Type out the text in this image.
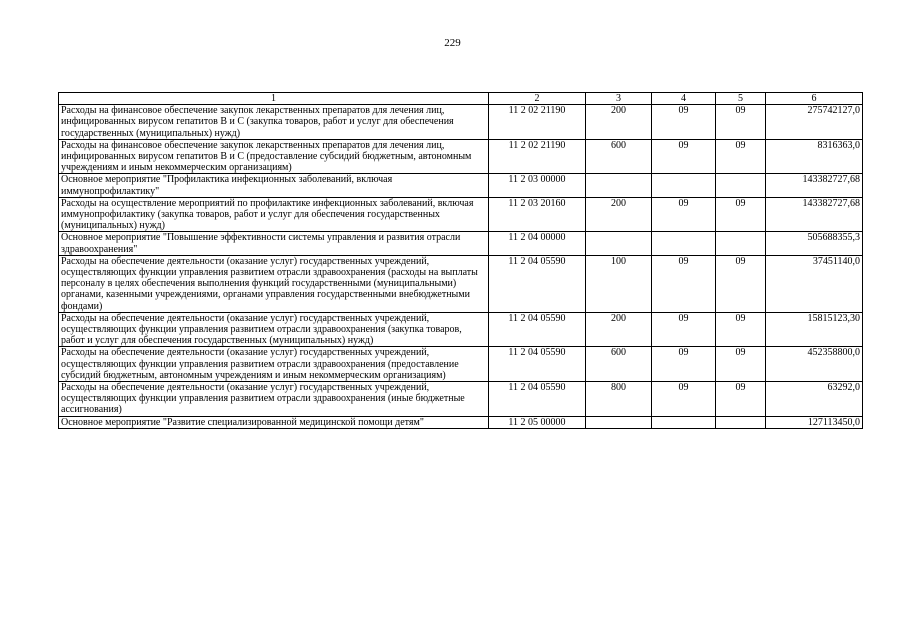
229
1	2	3	4	5	6
Расходы на финансовое обеспечение закупок лекарственных препаратов для лечения лиц, инфицированных вирусом гепатитов В и С (закупка товаров, работ и услуг для обеспечения государственных (муниципальных) нужд)	11 2 02 21190	200	09	09	275742127,0
Расходы на финансовое обеспечение закупок лекарственных препаратов для лечения лиц, инфицированных вирусом гепатитов В и С (предоставление субсидий бюджетным, автономным учреждениям и иным некоммерческим организациям)	11 2 02 21190	600	09	09	8316363,0
Основное мероприятие "Профилактика инфекционных заболеваний, включая иммунопрофилактику"	11 2 03 00000				143382727,68
Расходы на осуществление мероприятий по профилактике инфекционных заболеваний, включая иммунопрофилактику (закупка товаров, работ и услуг для обеспечения государственных (муниципальных) нужд)	11 2 03 20160	200	09	09	143382727,68
Основное мероприятие "Повышение эффективности системы управления и развития отрасли здравоохранения"	11 2 04 00000				505688355,3
Расходы на обеспечение деятельности (оказание услуг) государственных учреждений, осуществляющих функции управления развитием отрасли здравоохранения (расходы на выплаты персоналу в целях обеспечения выполнения функций государственными (муниципальными) органами, казенными учреждениями, органами управления государственными внебюджетными фондами)	11 2 04 05590	100	09	09	37451140,0
Расходы на обеспечение деятельности (оказание услуг) государственных учреждений, осуществляющих функции управления развитием отрасли здравоохранения (закупка товаров, работ и услуг для обеспечения государственных (муниципальных) нужд)	11 2 04 05590	200	09	09	15815123,30
Расходы на обеспечение деятельности (оказание услуг) государственных учреждений, осуществляющих функции управления развитием отрасли здравоохранения (предоставление субсидий бюджетным, автономным учреждениям и иным некоммерческим организациям)	11 2 04 05590	600	09	09	452358800,0
Расходы на обеспечение деятельности (оказание услуг) государственных учреждений, осуществляющих функции управления развитием отрасли здравоохранения (иные бюджетные ассигнования)	11 2 04 05590	800	09	09	63292,0
Основное мероприятие "Развитие специализированной медицинской помощи детям"	11 2 05 00000				127113450,0
